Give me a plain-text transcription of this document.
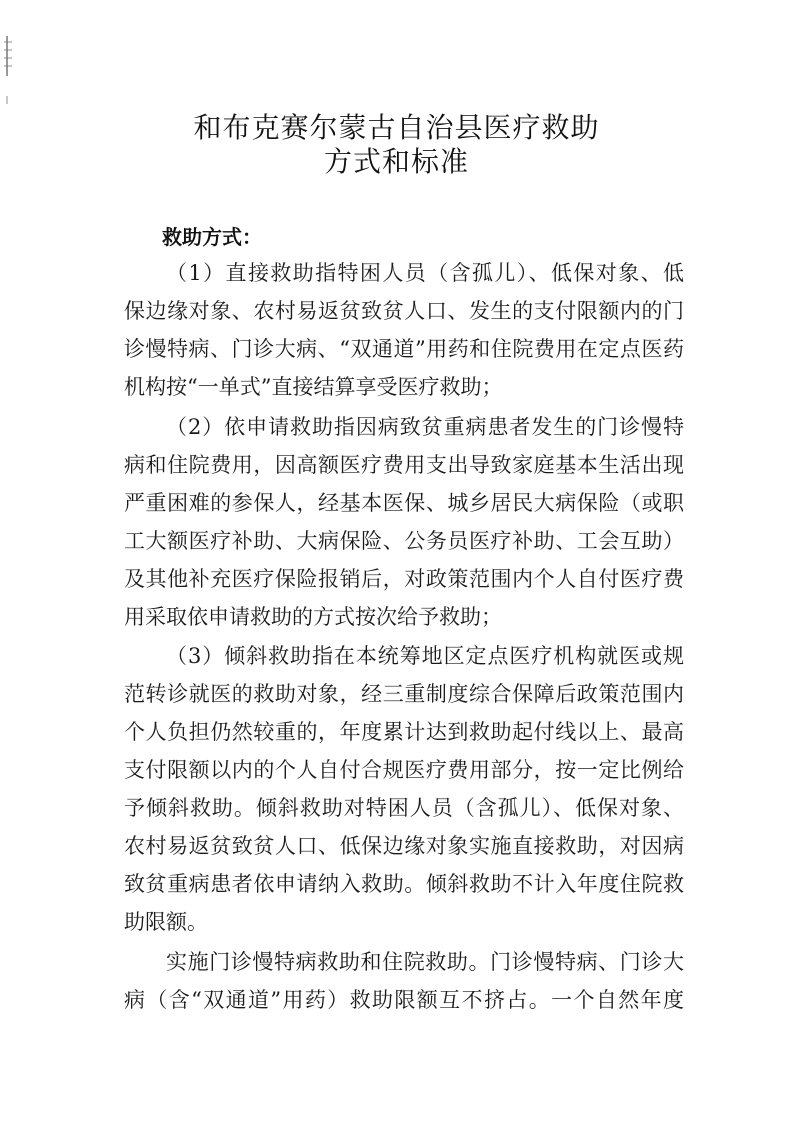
和布克赛尔蒙古自治县医疗救助
方式和标准
救助方式：
（1）直接救助指特困人员（含孤儿）、低保对象、低
保边缘对象、农村易返贫致贫人口、发生的支付限额内的门
诊慢特病、门诊大病、“双通道”用药和住院费用在定点医药
机构按“一单式”直接结算享受医疗救助；
（2）依申请救助指因病致贫重病患者发生的门诊慢特
病和住院费用，因高额医疗费用支出导致家庭基本生活出现
严重困难的参保人，经基本医保、城乡居民大病保险（或职
工大额医疗补助、大病保险、公务员医疗补助、工会互助）
及其他补充医疗保险报销后，对政策范围内个人自付医疗费
用采取依申请救助的方式按次给予救助；
（3）倾斜救助指在本统筹地区定点医疗机构就医或规
范转诊就医的救助对象，经三重制度综合保障后政策范围内
个人负担仍然较重的，年度累计达到救助起付线以上、最高
支付限额以内的个人自付合规医疗费用部分，按一定比例给
予倾斜救助。倾斜救助对特困人员（含孤儿）、低保对象、
农村易返贫致贫人口、低保边缘对象实施直接救助，对因病
致贫重病患者依申请纳入救助。倾斜救助不计入年度住院救
助限额。
实施门诊慢特病救助和住院救助。门诊慢特病、门诊大
病（含“双通道”用药）救助限额互不挤占。一个自然年度
